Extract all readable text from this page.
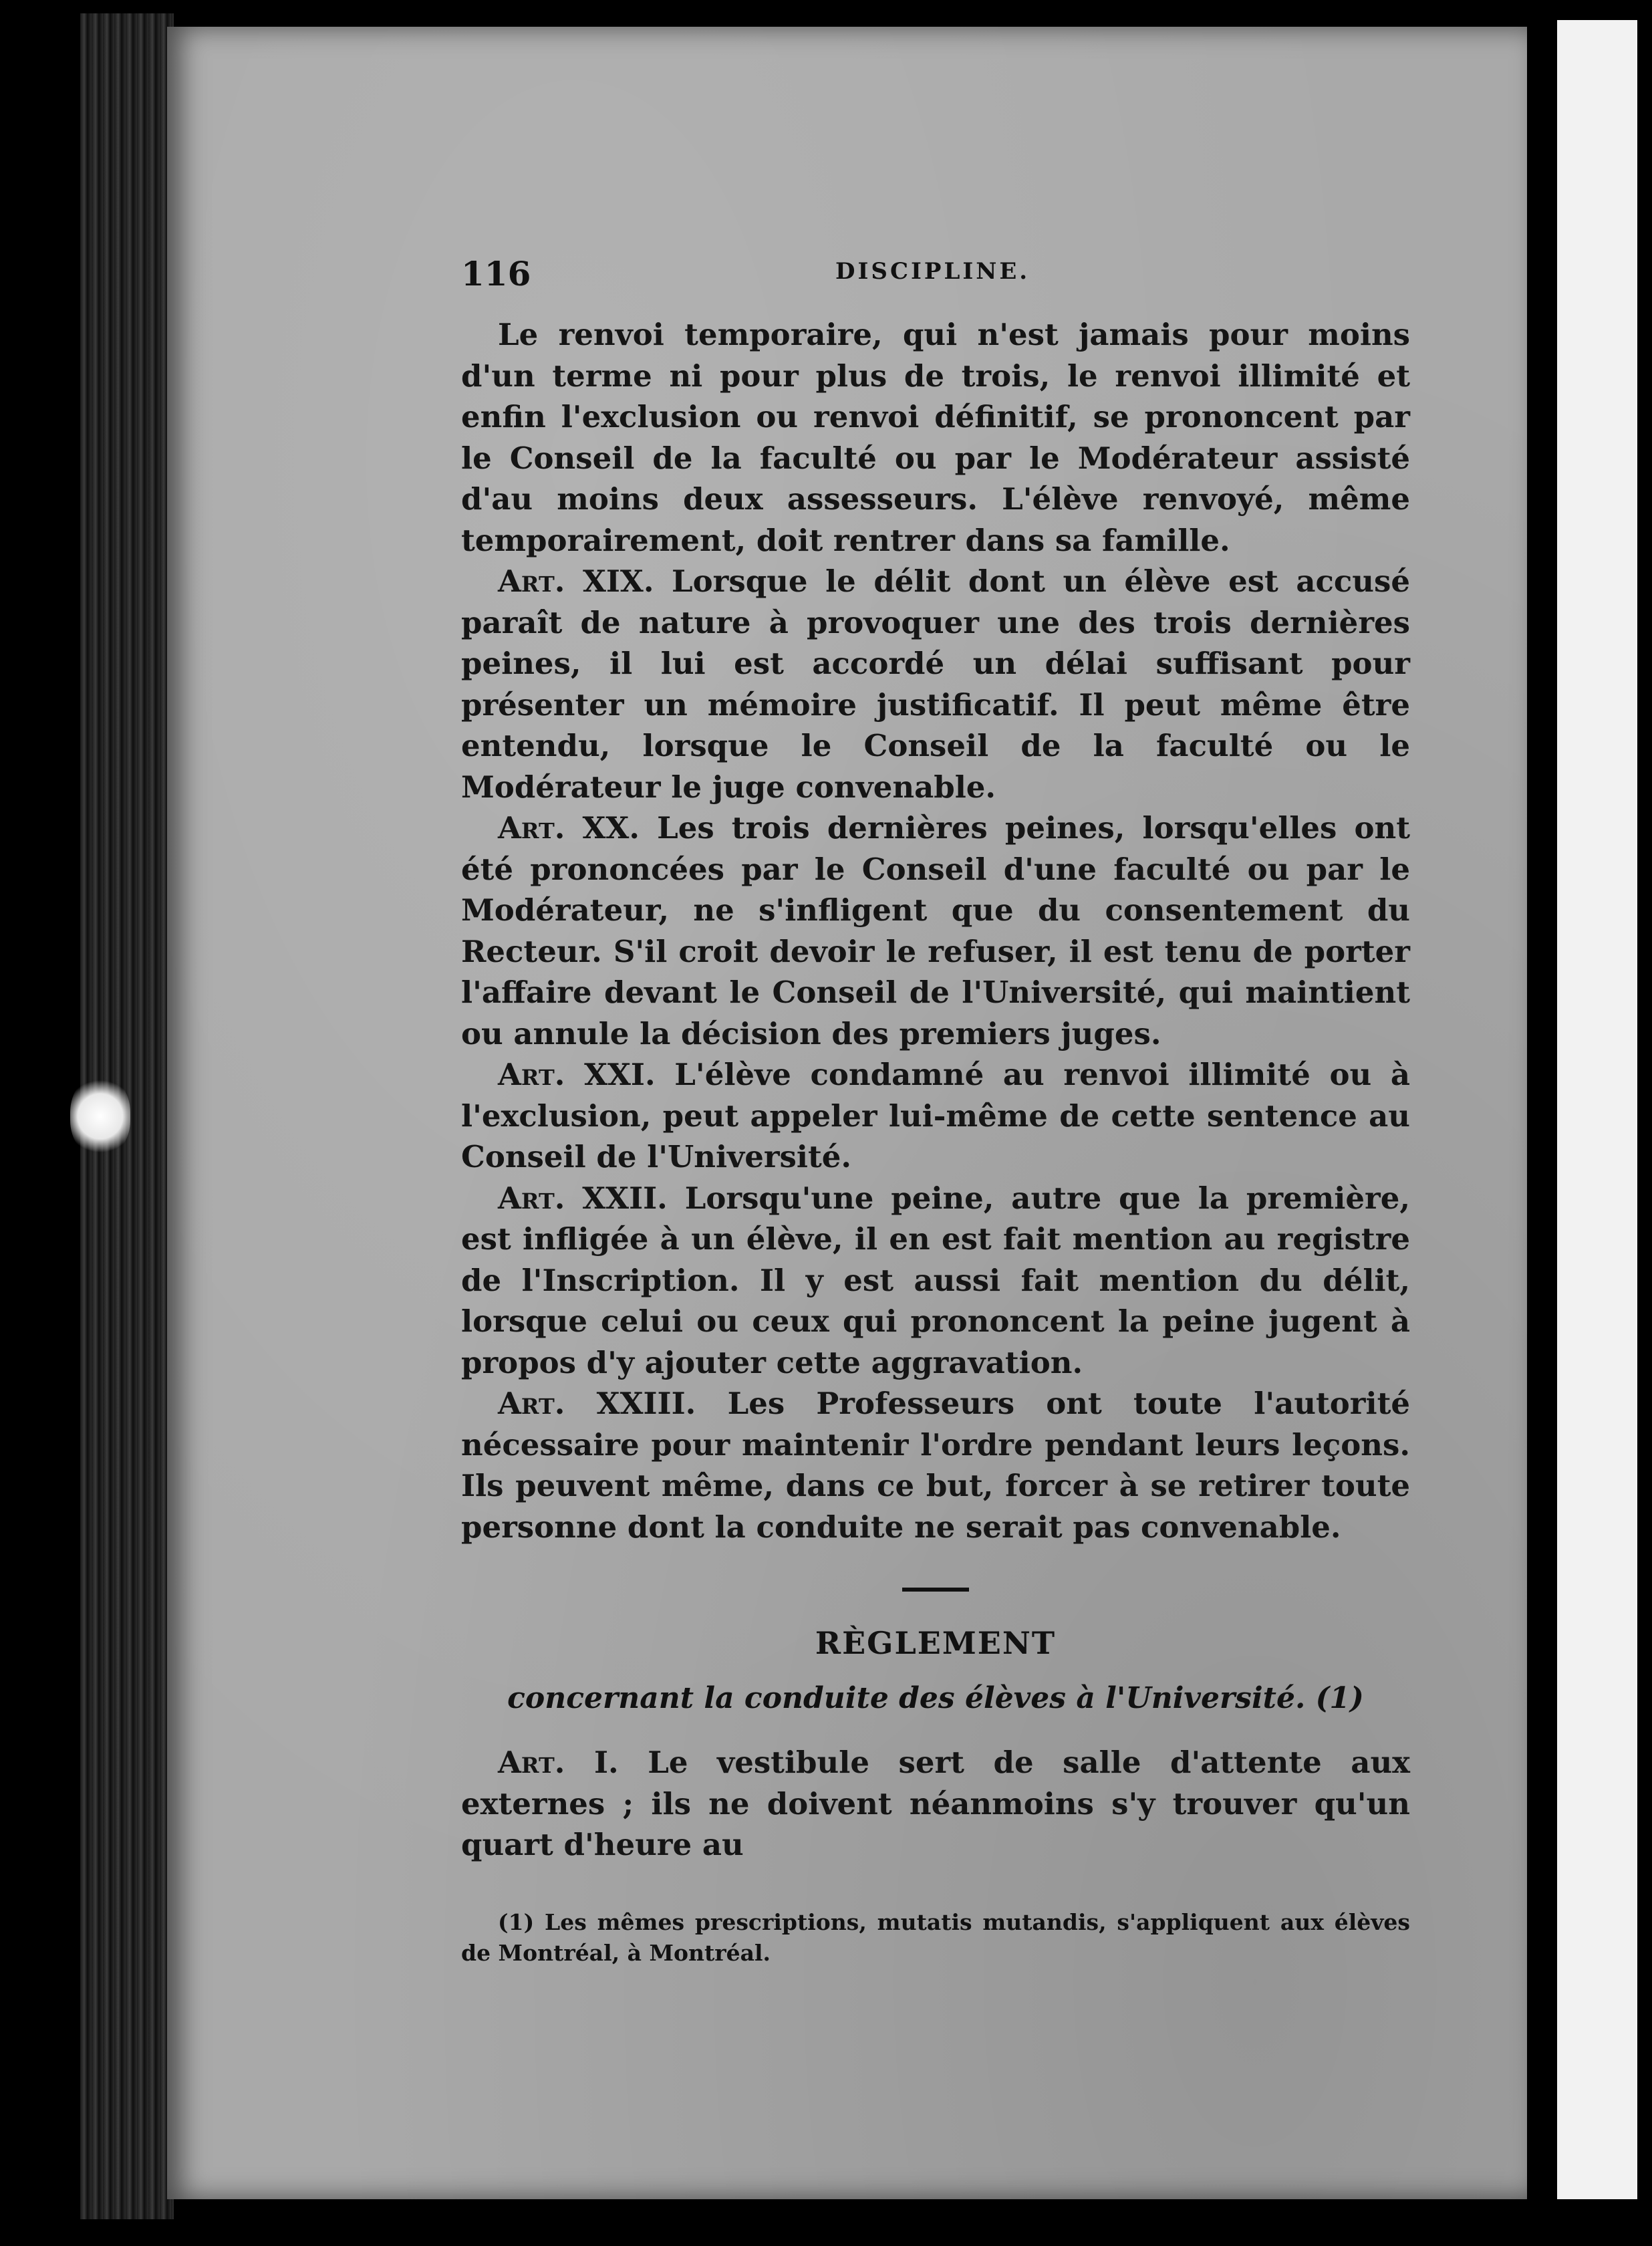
116	DISCIPLINE.

Le renvoi temporaire, qui n'est jamais pour moins d'un terme ni pour plus de trois, le renvoi illimité et enfin l'exclusion ou renvoi définitif, se prononcent par le Conseil de la faculté ou par le Modérateur assisté d'au moins deux assesseurs. L'élève renvoyé, même temporairement, doit rentrer dans sa famille.

Art. XIX. Lorsque le délit dont un élève est accusé paraît de nature à provoquer une des trois dernières peines, il lui est accordé un délai suffisant pour présenter un mémoire justificatif. Il peut même être entendu, lorsque le Conseil de la faculté ou le Modérateur le juge convenable.

Art. XX. Les trois dernières peines, lorsqu'elles ont été prononcées par le Conseil d'une faculté ou par le Modérateur, ne s'infligent que du consentement du Recteur. S'il croit devoir le refuser, il est tenu de porter l'affaire devant le Conseil de l'Université, qui maintient ou annule la décision des premiers juges.

Art. XXI. L'élève condamné au renvoi illimité ou à l'exclusion, peut appeler lui-même de cette sentence au Conseil de l'Université.

Art. XXII. Lorsqu'une peine, autre que la première, est infligée à un élève, il en est fait mention au registre de l'Inscription. Il y est aussi fait mention du délit, lorsque celui ou ceux qui prononcent la peine jugent à propos d'y ajouter cette aggravation.

Art. XXIII. Les Professeurs ont toute l'autorité nécessaire pour maintenir l'ordre pendant leurs leçons. Ils peuvent même, dans ce but, forcer à se retirer toute personne dont la conduite ne serait pas convenable.

RÈGLEMENT
concernant la conduite des élèves à l'Université. (1)

Art. I. Le vestibule sert de salle d'attente aux externes ; ils ne doivent néanmoins s'y trouver qu'un quart d'heure au

(1) Les mêmes prescriptions, mutatis mutandis, s'appliquent aux élèves de Montréal, à Montréal.
